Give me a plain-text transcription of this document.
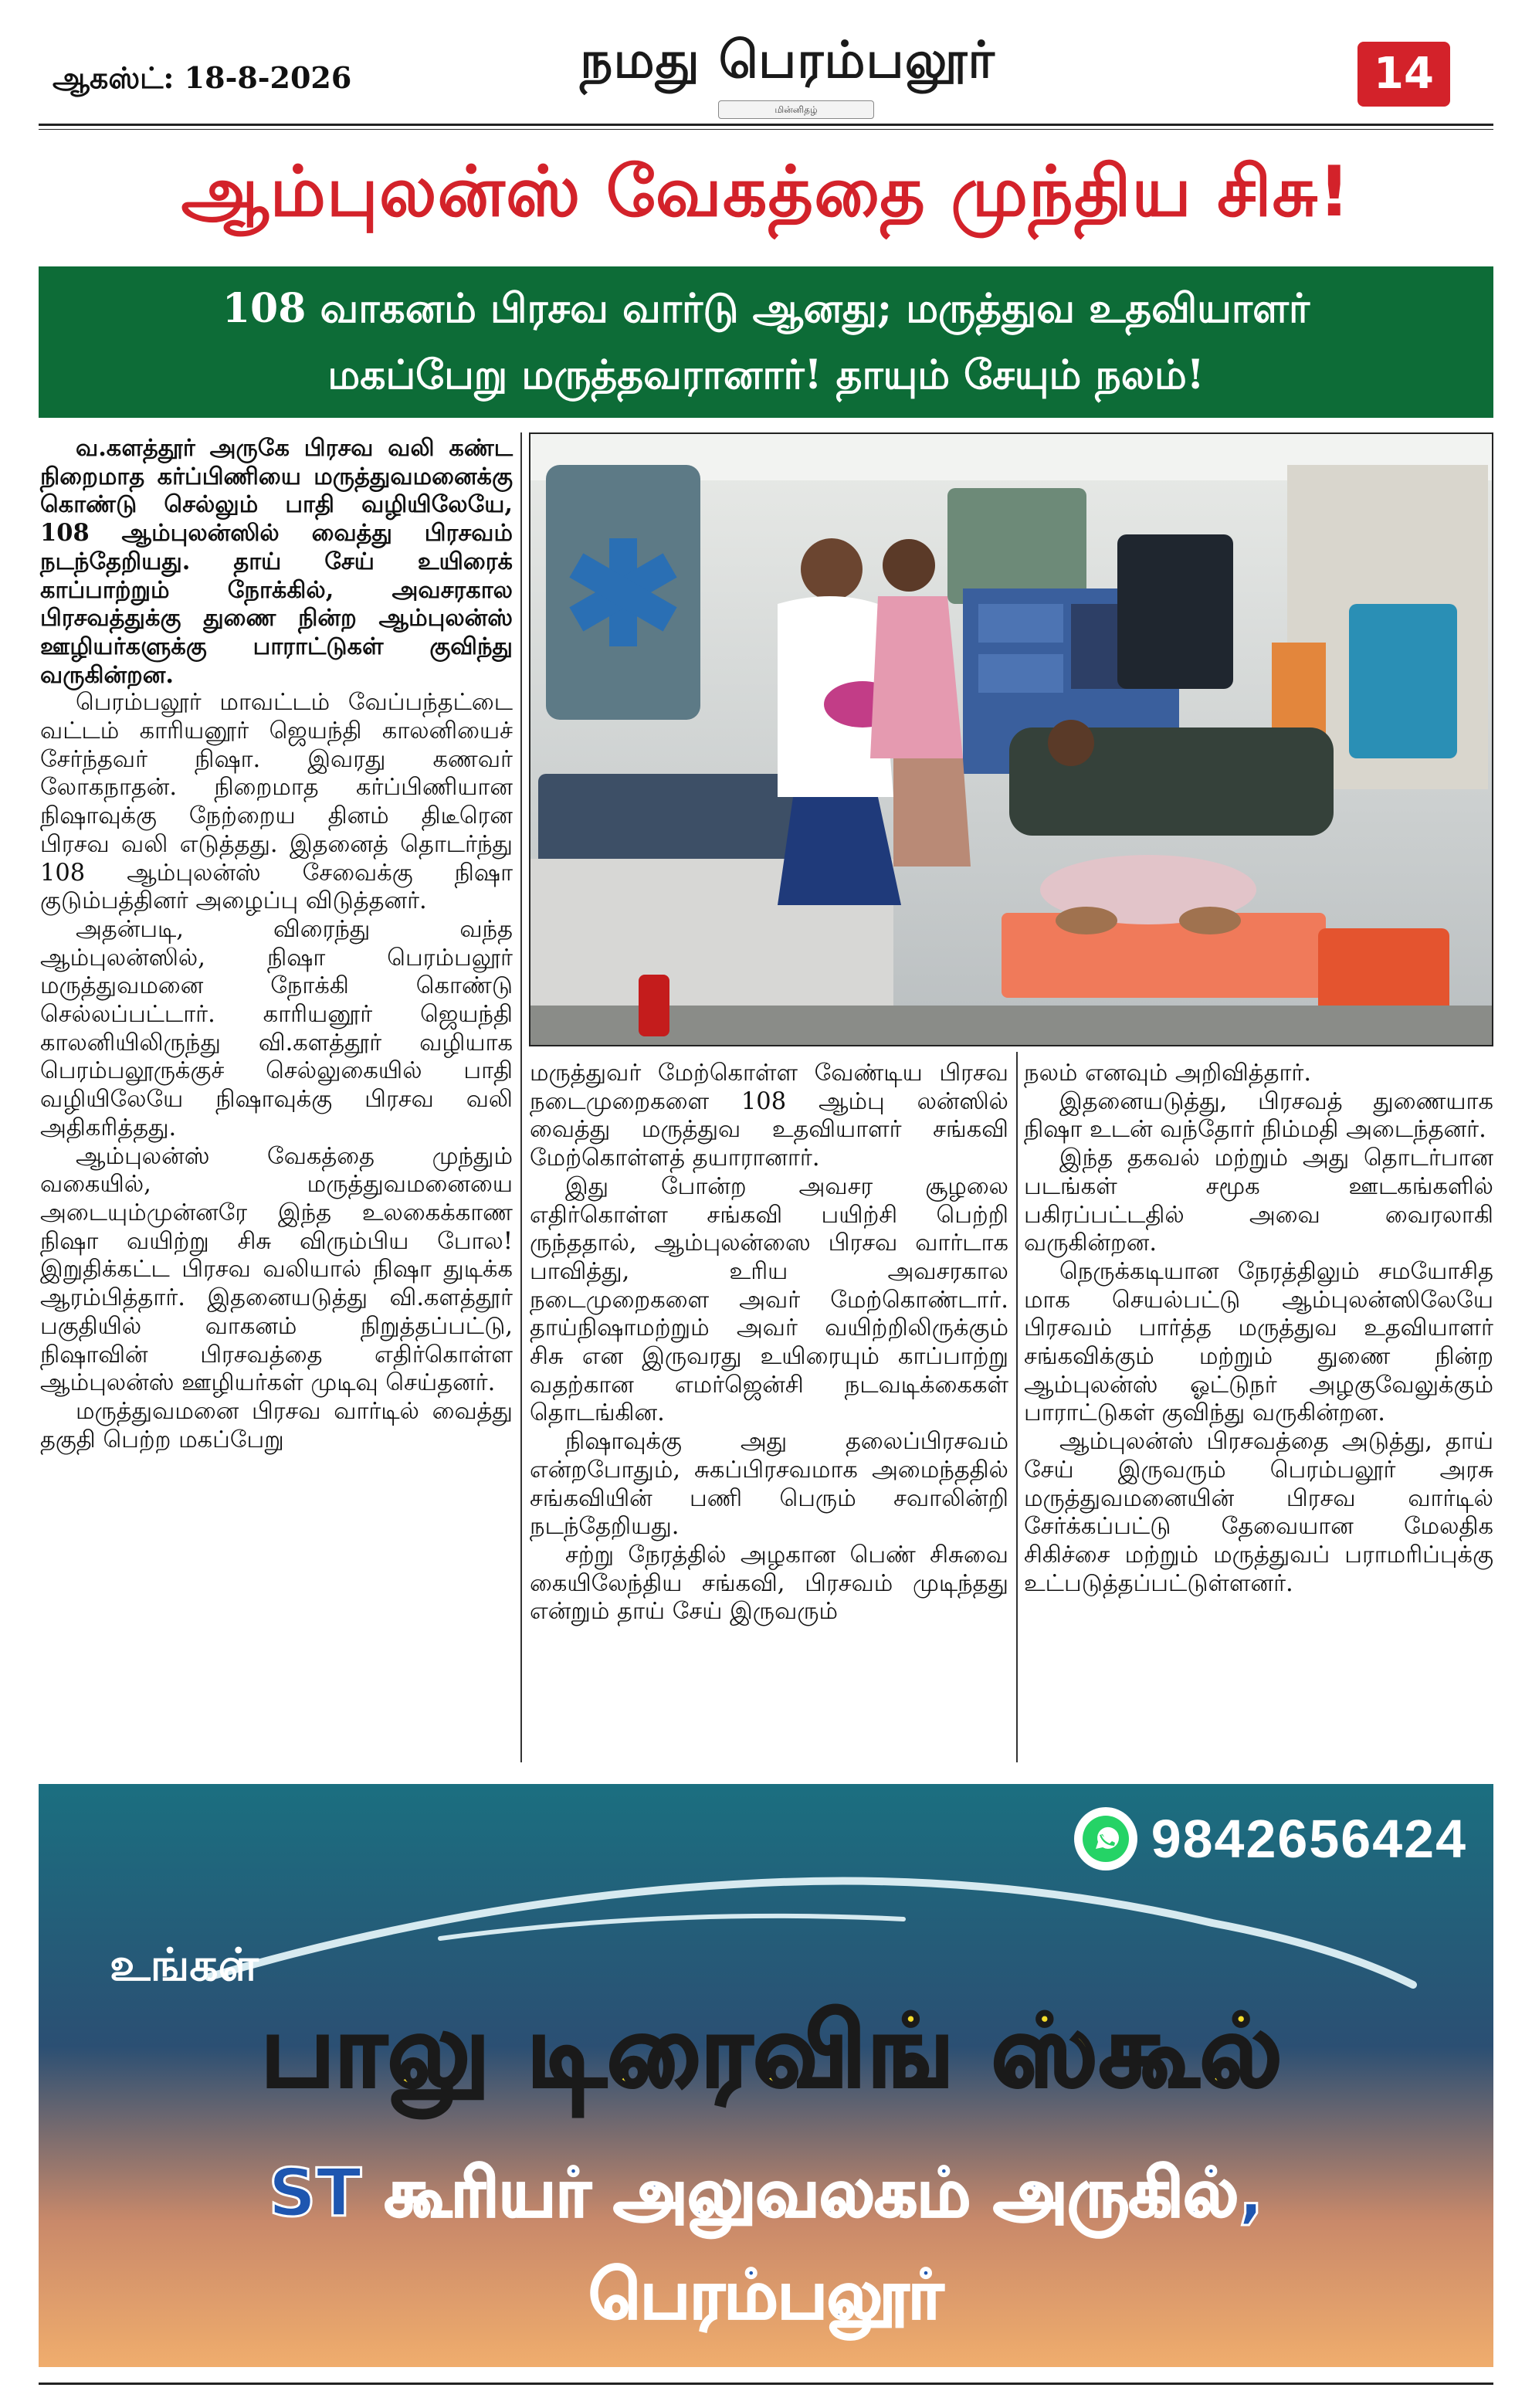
ஆகஸ்ட்: 18-8-2026	நமது பெரம்பலூர்
மின்னிதழ்
14
ஆம்புலன்ஸ் வேகத்தை முந்திய சிசு!
108 வாகனம் பிரசவ வார்டு ஆனது; மருத்துவ உதவியாளர்
மகப்பேறு மருத்தவரானார்! தாயும் சேயும் நலம்!

வ.களத்தூர் அருகே பிரசவ வலி கண்ட நிறைமாத கர்ப்பிணியை மருத்துவமனைக்கு கொண்டு செல்லும் பாதி வழியிலேயே, 108 ஆம்புலன்ஸில் வைத்து பிரசவம் நடந்தேறியது. தாய் சேய் உயிரைக் காப்பாற்றும் நோக்கில், அவசரகால பிரசவத்துக்கு துணை நின்ற ஆம்புலன்ஸ் ஊழியர்களுக்கு பாராட்டுகள் குவிந்து வருகின்றன.

பெரம்பலூர் மாவட்டம் வேப்பந்தட்டை வட்டம் காரியனூர் ஜெயந்தி காலனியைச் சேர்ந்தவர் நிஷா. இவரது கணவர் லோகநாதன். நிறைமாத கர்ப்பிணியான நிஷாவுக்கு நேற்றைய தினம் திடீரென பிரசவ வலி எடுத்தது. இதனைத் தொடர்ந்து 108 ஆம்புலன்ஸ் சேவைக்கு நிஷா குடும்பத்தினர் அழைப்பு விடுத்தனர்.

அதன்படி, விரைந்து வந்த ஆம்புலன்ஸில், நிஷா பெரம்பலூர் மருத்துவமனை நோக்கி கொண்டு செல்லப்பட்டார். காரியனூர் ஜெயந்தி காலனியிலிருந்து வி.களத்தூர் வழியாக பெரம்பலூருக்குச் செல்லுகையில் பாதி வழியிலேயே நிஷாவுக்கு பிரசவ வலி அதிகரித்தது.

ஆம்புலன்ஸ் வேகத்தை முந்தும் வகையில், மருத்துவமனையை அடையும்முன்னரே இந்த உலகைக்காண நிஷா வயிற்று சிசு விரும்பிய போல! இறுதிக்கட்ட பிரசவ வலியால் நிஷா துடிக்க ஆரம்பித்தார். இதனையடுத்து வி.களத்தூர் பகுதியில் வாகனம் நிறுத்தப்பட்டு, நிஷாவின் பிரசவத்தை எதிர்கொள்ள ஆம்புலன்ஸ் ஊழியர்கள் முடிவு செய்தனர்.

மருத்துவமனை பிரசவ வார்டில் வைத்து தகுதி பெற்ற மகப்பேறு

மருத்துவர் மேற்கொள்ள வேண்டிய பிரசவ நடைமுறைகளை 108 ஆம்பு லன்ஸில் வைத்து மருத்துவ உதவியாளர் சங்கவி மேற்கொள்ளத் தயாரானார்.

இது போன்ற அவசர சூழலை எதிர்கொள்ள சங்கவி பயிற்சி பெற்றி ருந்ததால், ஆம்புலன்ஸை பிரசவ வார்டாக பாவித்து, உரிய அவசரகால நடைமுறைகளை அவர் மேற்கொண்டார். தாய்நிஷாமற்றும் அவர் வயிற்றிலிருக்கும் சிசு என இருவரது உயிரையும் காப்பாற்று வதற்கான எமர்ஜென்சி நடவடிக்கைகள் தொடங்கின.

நிஷாவுக்கு அது தலைப்பிரசவம் என்றபோதும், சுகப்பிரசவமாக அமைந்ததில் சங்கவியின் பணி பெரும் சவாலின்றி நடந்தேறியது.

சற்று நேரத்தில் அழகான பெண் சிசுவை கையிலேந்திய சங்கவி, பிரசவம் முடிந்தது என்றும் தாய் சேய் இருவரும்

நலம் எனவும் அறிவித்தார்.

இதனையடுத்து, பிரசவத் துணையாக நிஷா உடன் வந்தோர் நிம்மதி அடைந்தனர்.

இந்த தகவல் மற்றும் அது தொடர்பான படங்கள் சமூக ஊடகங்களில் பகிரப்பட்டதில் அவை வைரலாகி வருகின்றன.

நெருக்கடியான நேரத்திலும் சமயோசித மாக செயல்பட்டு ஆம்புலன்ஸிலேயே பிரசவம் பார்த்த மருத்துவ உதவியாளர் சங்கவிக்கும் மற்றும் துணை நின்ற ஆம்புலன்ஸ் ஓட்டுநர் அழகுவேலுக்கும் பாராட்டுகள் குவிந்து வருகின்றன.

ஆம்புலன்ஸ் பிரசவத்தை அடுத்து, தாய் சேய் இருவரும் பெரம்பலூர் அரசு மருத்துவமனையின் பிரசவ வார்டில் சேர்க்கப்பட்டு தேவையான மேலதிக சிகிச்சை மற்றும் மருத்துவப் பராமரிப்புக்கு உட்படுத்தப்பட்டுள்ளனர்.

9842656424
உங்கள்
பாலு டிரைவிங் ஸ்கூல்
ST கூரியர் அலுவலகம் அருகில்,
பெரம்பலூர்
